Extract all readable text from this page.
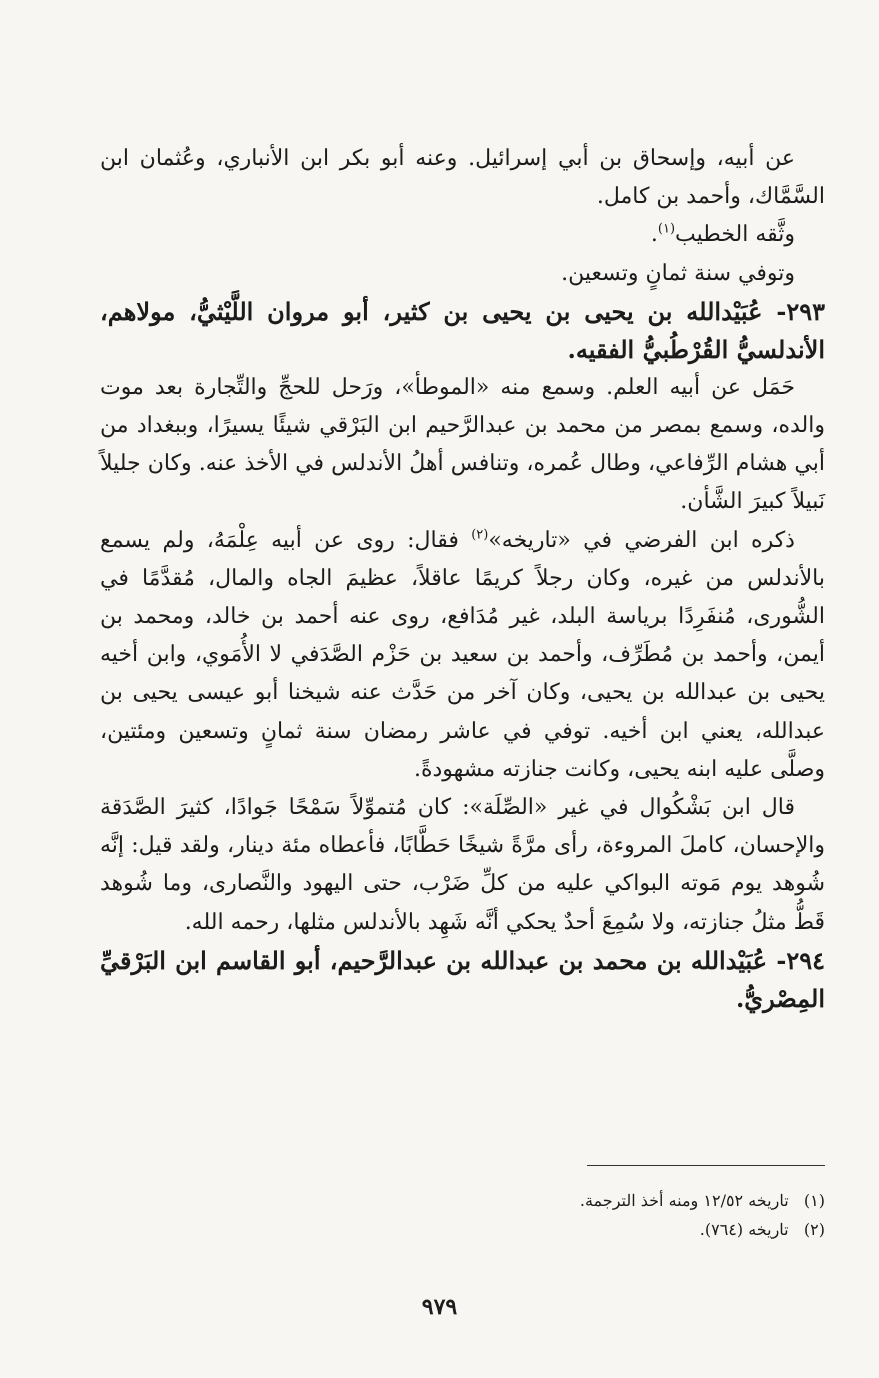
عن أبيه، وإسحاق بن أبي إسرائيل. وعنه أبو بكر ابن الأنباري، وعُثمان ابن السَّمَّاك، وأحمد بن كامل.

وثَّقه الخطيب$^{(١)}$.

وتوفي سنة ثمانٍ وتسعين.

٢٩٣- عُبَيْدالله بن يحيى بن يحيى بن كثير، أبو مروان اللَّيْثيُّ، مولاهم، الأندلسيُّ القُرْطُبيُّ الفقيه.

حَمَل عن أبيه العلم. وسمع منه «الموطأ»، ورَحل للحجِّ والتِّجارة بعد موت والده، وسمع بمصر من محمد بن عبدالرَّحيم ابن البَرْقي شيئًا يسيرًا، وببغداد من أبي هشام الرِّفاعي، وطال عُمره، وتنافس أهلُ الأندلس في الأخذ عنه. وكان جليلاً نَبيلاً كبيرَ الشَّأن.

ذكره ابن الفرضي في «تاريخه»$^{(٢)}$ فقال: روى عن أبيه عِلْمَهُ، ولم يسمع بالأندلس من غيره، وكان رجلاً كريمًا عاقلاً، عظيمَ الجاه والمال، مُقدَّمًا في الشُّورى، مُنفَرِدًا برياسة البلد، غير مُدَافع، روى عنه أحمد بن خالد، ومحمد بن أيمن، وأحمد بن مُطَرِّف، وأحمد بن سعيد بن حَزْم الصَّدَفي لا الأُمَوي، وابن أخيه يحيى بن عبدالله بن يحيى، وكان آخر من حَدَّث عنه شيخنا أبو عيسى يحيى بن عبدالله، يعني ابن أخيه. توفي في عاشر رمضان سنة ثمانٍ وتسعين ومئتين، وصلَّى عليه ابنه يحيى، وكانت جنازته مشهودةً.

قال ابن بَشْكُوال في غير «الصِّلَة»: كان مُتموِّلاً سَمْحًا جَوادًا، كثيرَ الصَّدَقة والإحسان، كاملَ المروءة، رأى مرَّةً شيخًا حَطَّابًا، فأعطاه مئة دينار، ولقد قيل: إنَّه شُوهد يوم مَوته البواكي عليه من كلِّ ضَرْب، حتى اليهود والنَّصارى، وما شُوهد قَطُّ مثلُ جنازته، ولا سُمِعَ أحدٌ يحكي أنَّه شَهِد بالأندلس مثلها، رحمه الله.

٢٩٤- عُبَيْدالله بن محمد بن عبدالله بن عبدالرَّحيم، أبو القاسم ابن البَرْقيِّ المِصْريُّ.

(١)   تاريخه ١٢/٥٢ ومنه أخذ الترجمة.

(٢)   تاريخه (٧٦٤).

٩٧٩
